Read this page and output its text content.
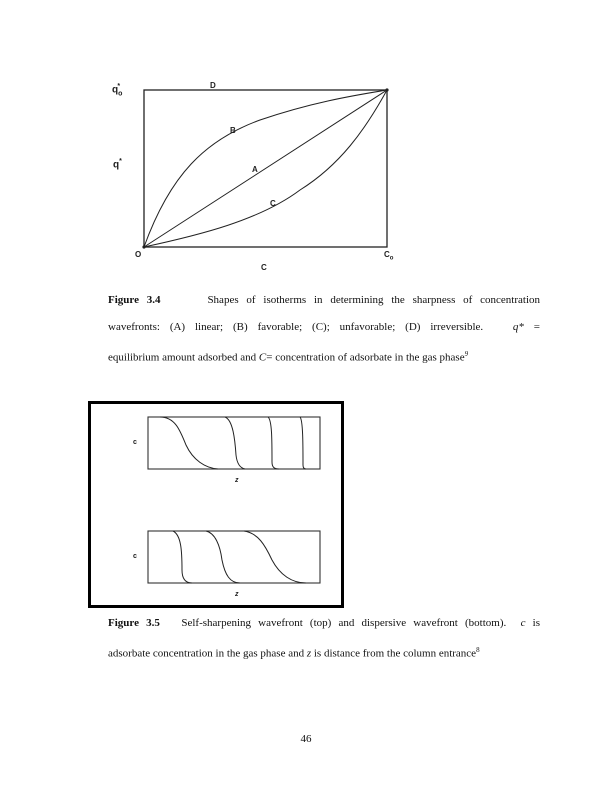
$q_o^*$
q*
D
B
A
C
O
C
$C_o$
Figure 3.4	Shapes of isotherms in determining the sharpness of concentration
wavefronts: (A) linear; (B) favorable; (C); unfavorable; (D) irreversible.	q* =
equilibrium amount adsorbed and C= concentration of adsorbate in the gas phase$^9$
c
z
c
z
Figure 3.5 Self-sharpening wavefront (top) and dispersive wavefront (bottom). c is
adsorbate concentration in the gas phase and z is distance from the column entrance$^8$
46
